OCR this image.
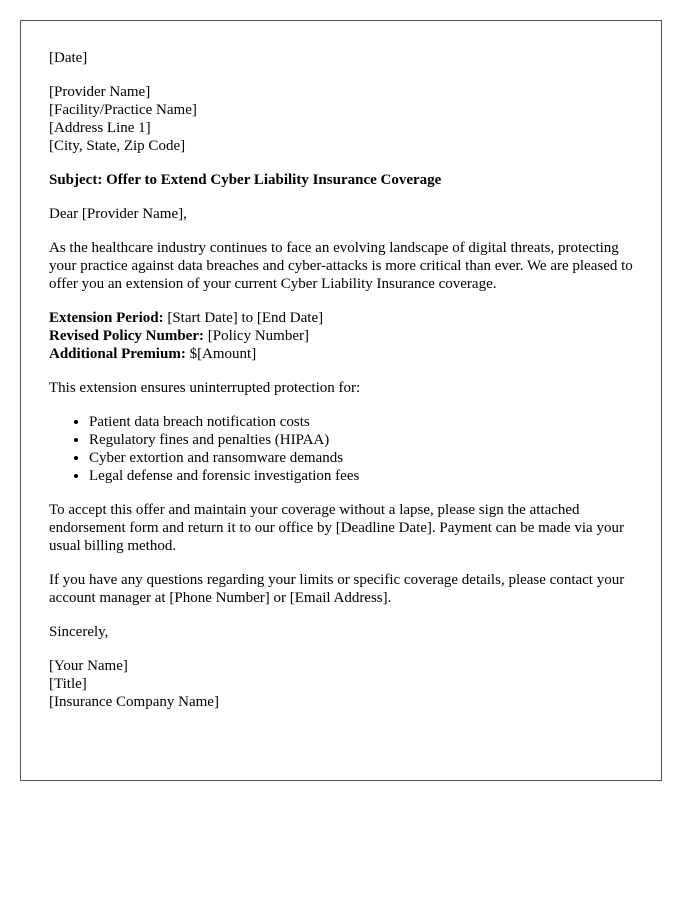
[Date]

[Provider Name]
[Facility/Practice Name]
[Address Line 1]
[City, State, Zip Code]

Subject: Offer to Extend Cyber Liability Insurance Coverage

Dear [Provider Name],

As the healthcare industry continues to face an evolving landscape of digital threats, protecting your practice against data breaches and cyber-attacks is more critical than ever. We are pleased to offer you an extension of your current Cyber Liability Insurance coverage.

Extension Period: [Start Date] to [End Date]
Revised Policy Number: [Policy Number]
Additional Premium: $[Amount]

This extension ensures uninterrupted protection for:

• Patient data breach notification costs
• Regulatory fines and penalties (HIPAA)
• Cyber extortion and ransomware demands
• Legal defense and forensic investigation fees

To accept this offer and maintain your coverage without a lapse, please sign the attached endorsement form and return it to our office by [Deadline Date]. Payment can be made via your usual billing method.

If you have any questions regarding your limits or specific coverage details, please contact your account manager at [Phone Number] or [Email Address].

Sincerely,

[Your Name]
[Title]
[Insurance Company Name]
